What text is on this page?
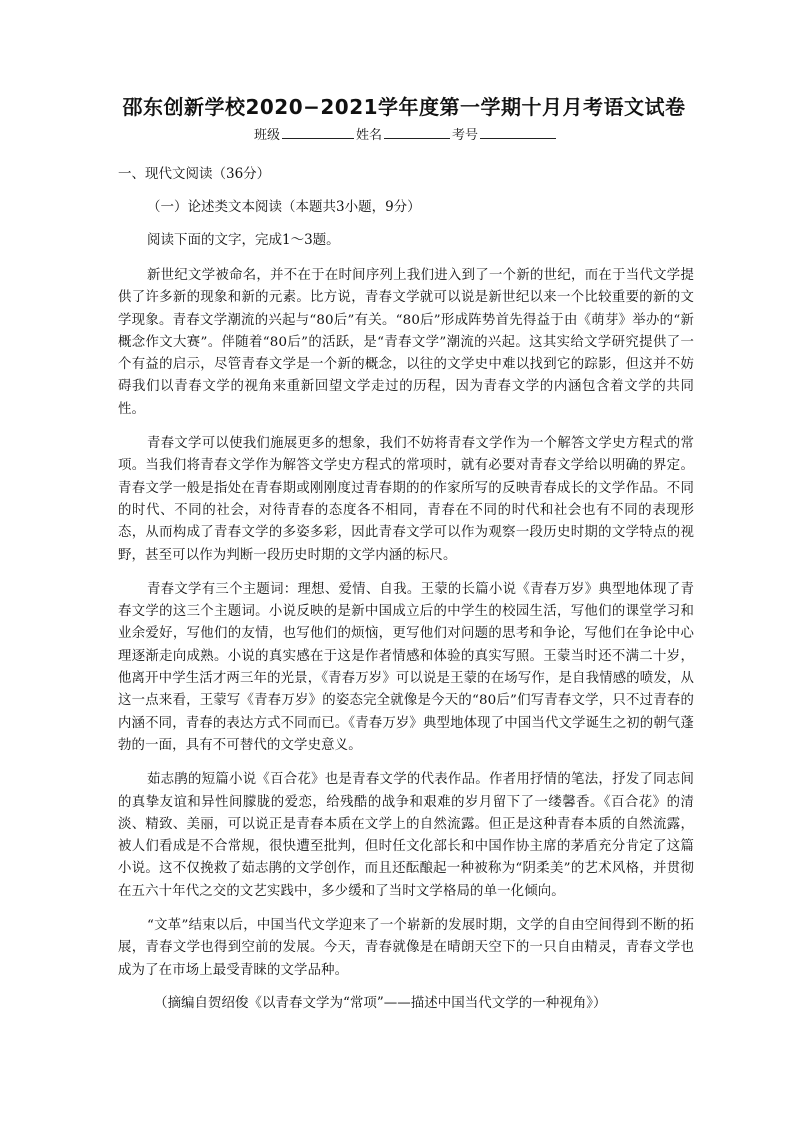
邵东创新学校2020−2021学年度第一学期十月月考语文试卷
班级	姓名	考号
一、现代文阅读（36分）
（一）论述类文本阅读（本题共3小题，9分）
阅读下面的文字，完成1～3题。

新世纪文学被命名，并不在于在时间序列上我们进入到了一个新的世纪，而在于当代文学提供了许多新的现象和新的元素。比方说，青春文学就可以说是新世纪以来一个比较重要的新的文学现象。青春文学潮流的兴起与“80后”有关。“80后”形成阵势首先得益于由《萌芽》举办的“新概念作文大赛”。伴随着“80后”的活跃，是“青春文学”潮流的兴起。这其实给文学研究提供了一个有益的启示，尽管青春文学是一个新的概念，以往的文学史中难以找到它的踪影，但这并不妨碍我们以青春文学的视角来重新回望文学走过的历程，因为青春文学的内涵包含着文学的共同性。

青春文学可以使我们施展更多的想象，我们不妨将青春文学作为一个解答文学史方程式的常项。当我们将青春文学作为解答文学史方程式的常项时，就有必要对青春文学给以明确的界定。青春文学一般是指处在青春期或刚刚度过青春期的的作家所写的反映青春成长的文学作品。不同的时代、不同的社会，对待青春的态度各不相同，青春在不同的时代和社会也有不同的表现形态，从而构成了青春文学的多姿多彩，因此青春文学可以作为观察一段历史时期的文学特点的视野，甚至可以作为判断一段历史时期的文学内涵的标尺。

青春文学有三个主题词：理想、爱情、自我。王蒙的长篇小说《青春万岁》典型地体现了青春文学的这三个主题词。小说反映的是新中国成立后的中学生的校园生活，写他们的课堂学习和业余爱好，写他们的友情，也写他们的烦恼，更写他们对问题的思考和争论，写他们在争论中心理逐渐走向成熟。小说的真实感在于这是作者情感和体验的真实写照。王蒙当时还不满二十岁，他离开中学生活才两三年的光景，《青春万岁》可以说是王蒙的在场写作，是自我情感的喷发，从这一点来看，王蒙写《青春万岁》的姿态完全就像是今天的“80后”们写青春文学，只不过青春的内涵不同，青春的表达方式不同而已。《青春万岁》典型地体现了中国当代文学诞生之初的朝气蓬勃的一面，具有不可替代的文学史意义。

茹志鹃的短篇小说《百合花》也是青春文学的代表作品。作者用抒情的笔法，抒发了同志间的真挚友谊和异性间朦胧的爱恋，给残酷的战争和艰难的岁月留下了一缕馨香。《百合花》的清淡、精致、美丽，可以说正是青春本质在文学上的自然流露。但正是这种青春本质的自然流露，被人们看成是不合常规，很快遭至批判，但时任文化部长和中国作协主席的茅盾充分肯定了这篇小说。这不仅挽救了茹志鹃的文学创作，而且还酝酿起一种被称为“阴柔美”的艺术风格，并贯彻在五六十年代之交的文艺实践中，多少缓和了当时文学格局的单一化倾向。

“文革”结束以后，中国当代文学迎来了一个崭新的发展时期，文学的自由空间得到不断的拓展，青春文学也得到空前的发展。今天，青春就像是在晴朗天空下的一只自由精灵，青春文学也成为了在市场上最受青睐的文学品种。

（摘编自贺绍俊《以青春文学为“常项”——描述中国当代文学的一种视角》）
